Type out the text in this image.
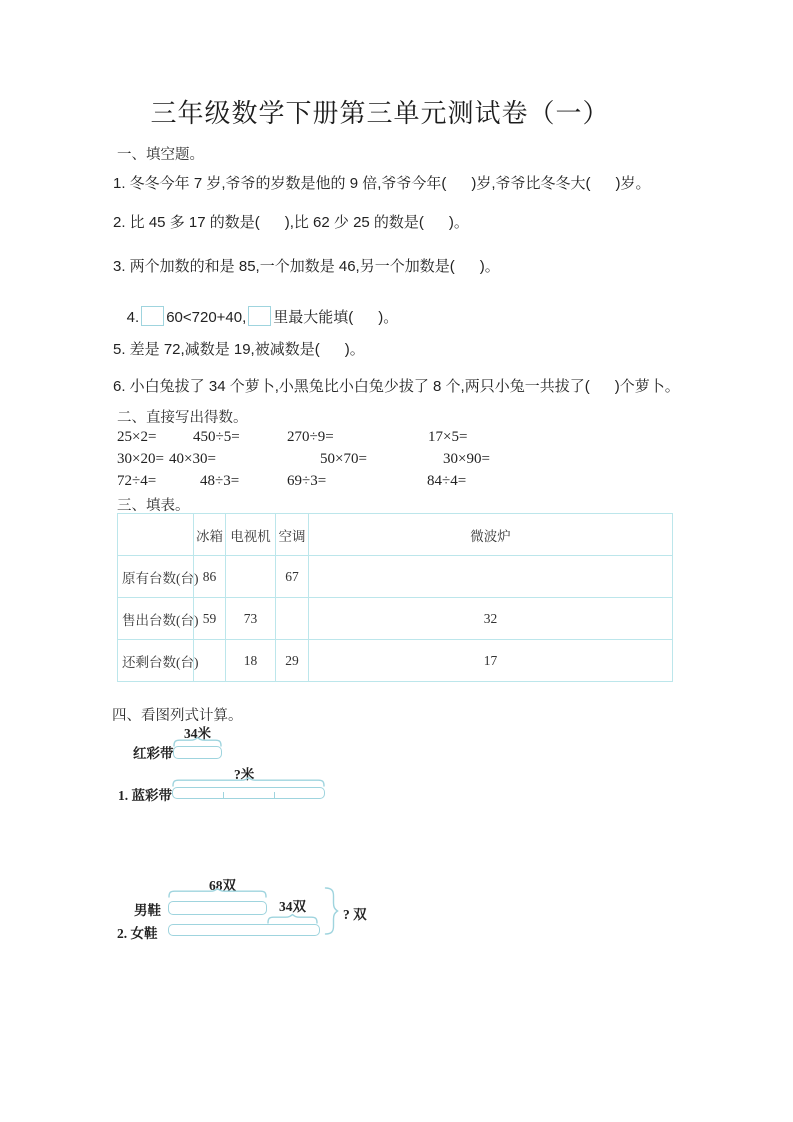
三年级数学下册第三单元测试卷（一）
一、填空题。
1. 冬冬今年 7 岁,爷爷的岁数是他的 9 倍,爷爷今年(      )岁,爷爷比冬冬大(      )岁。
2. 比 45 多 17 的数是(      ),比 62 少 25 的数是(      )。
3. 两个加数的和是 85,一个加数是 46,另一个加数是(      )。

4. 60<720+40, 里最大能填(      )。

5. 差是 72,减数是 19,被减数是(      )。
6. 小白兔拔了 34 个萝卜,小黑兔比小白兔少拔了 8 个,两只小兔一共拔了(      )个萝卜。
二、直接写出得数。
25×2= 450÷5=	270÷9=	17×5=
30×20= 40×30=	50×70=	30×90=
72÷4=	48÷3=	69÷3=	84÷4=
三、填表。
	冰箱	电视机	空调	微波炉
原有台数(台)	86		67	
售出台数(台)	59	73		32
还剩台数(台)		18	29	17
四、看图列式计算。
34米
红彩带
?米
1. 蓝彩带
68双
男鞋	34双
2. 女鞋
? 双
